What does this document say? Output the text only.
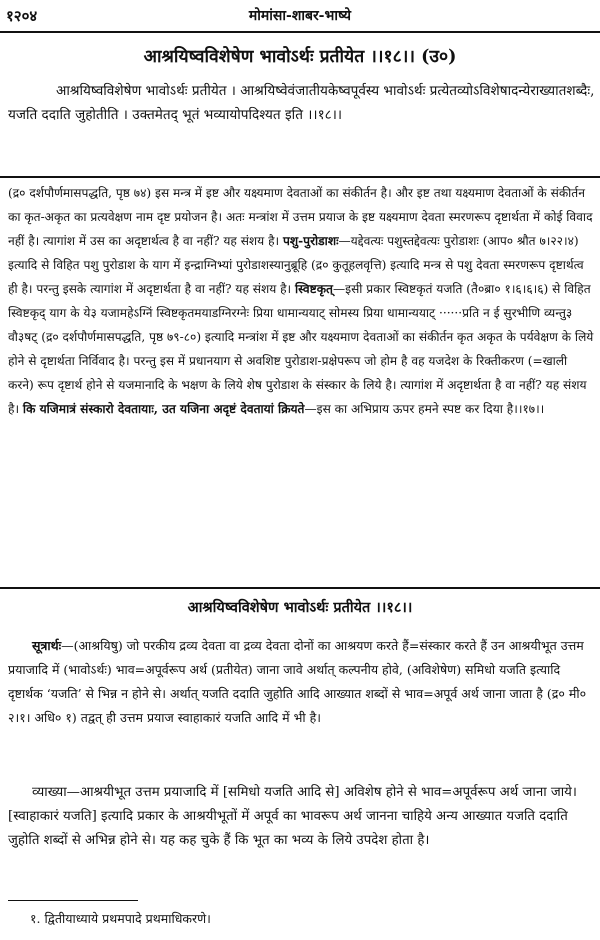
१२०४	मोमांसा-शाबर-भाष्ये
आश्रयिष्वविशेषेण भावोऽर्थः प्रतीयेत ।।१८।। (उ०)

आश्रयिष्वविशेषेण भावोऽर्थः प्रतीयेत । आश्रयिष्वेवंजातीयकेष्वपूर्वस्य भावोऽर्थः प्रत्येतव्योऽविशेषादन्येराख्यातशब्दैः, यजति ददाति जुहोतीति । उक्तमेतद् भूतं भव्यायोपदिश्यत इति ।।१८।।

(द्र० दर्शपौर्णमासपद्धति, पृष्ठ ७४) इस मन्त्र में इष्ट और यक्ष्यमाण देवताओं का संकीर्तन है। और इष्ट तथा यक्ष्यमाण देवताओं के संकीर्तन का कृत-अकृत का प्रत्यवेक्षण नाम दृष्ट प्रयोजन है। अतः मन्त्रांश में उत्तम प्रयाज के इष्ट यक्ष्यमाण देवता स्मरणरूप दृष्टार्थता में कोई विवाद नहीं है। त्यागांश में उस का अदृष्टार्थत्व है वा नहीं? यह संशय है। पशु-पुरोडाशः—यद्देवत्यः पशुस्तद्देवत्यः पुरोडाशः (आप० श्रौत ७।२२।४) इत्यादि से विहित पशु पुरोडाश के याग में इन्द्राग्निभ्यां पुरोडाशस्यानुब्रूहि (द्र० कुतूहलवृत्ति) इत्यादि मन्त्र से पशु देवता स्मरणरूप दृष्टार्थत्व ही है। परन्तु इसके त्यागांश में अदृष्टार्थता है वा नहीं? यह संशय है। स्विष्टकृत्—इसी प्रकार स्विष्टकृतं यजति (तै०ब्रा० १।६।६।६) से विहित स्विष्टकृद् याग के ये३ यजामहेऽग्निं स्विष्टकृतमयाडग्निरग्नेः प्रिया धामान्ययाट् सोमस्य प्रिया धामान्ययाट् ······प्रति न ई सुरभीणि व्यन्तु३ वौ३षट् (द्र० दर्शपौर्णमासपद्धति, पृष्ठ ७९-८०) इत्यादि मन्त्रांश में इष्ट और यक्ष्यमाण देवताओं का संकीर्तन कृत अकृत के पर्यवेक्षण के लिये होने से दृष्टार्थता निर्विवाद है। परन्तु इस में प्रधानयाग से अवशिष्ट पुरोडाश-प्रक्षेपरूप जो होम है वह यजदेश के रिक्तीकरण (=खाली करने) रूप दृष्टार्थ होने से यजमानादि के भक्षण के लिये शेष पुरोडाश के संस्कार के लिये है। त्यागांश में अदृष्टार्थता है वा नहीं? यह संशय है। कि यजिमात्रं संस्कारो देवतायाः, उत यजिना अदृष्टं देवतायां क्रियते—इस का अभिप्राय ऊपर हमने स्पष्ट कर दिया है।।१७।।

आश्रयिष्वविशेषेण भावोऽर्थः प्रतीयेत ।।१८।।

सूत्रार्थः—(आश्रयिषु) जो परकीय द्रव्य देवता वा द्रव्य देवता दोनों का आश्रयण करते हैं=संस्कार करते हैं उन आश्रयीभूत उत्तम प्रयाजादि में (भावोऽर्थः) भाव=अपूर्वरूप अर्थ (प्रतीयेत) जाना जावे अर्थात् कल्पनीय होवे, (अविशेषेण) समिधो यजति इत्यादि दृष्टार्थक ‘यजति’ से भिन्न न होने से। अर्थात् यजति ददाति जुहोति आदि आख्यात शब्दों से भाव=अपूर्व अर्थ जाना जाता है (द्र० मी० २।१। अधि० १) तद्वत् ही उत्तम प्रयाज स्वाहाकारं यजति आदि में भी है।

व्याख्या—आश्रयीभूत उत्तम प्रयाजादि में [समिधो यजति आदि से] अविशेष होने से भाव=अपूर्वरूप अर्थ जाना जाये। [स्वाहाकारं यजति] इत्यादि प्रकार के आश्रयीभूतों में अपूर्व का भावरूप अर्थ जानना चाहिये अन्य आख्यात यजति ददाति जुहोति शब्दों से अभिन्न होने से। यह कह चुके हैं कि भूत का भव्य के लिये उपदेश होता है।

१. द्वितीयाध्याये प्रथमपादे प्रथमाधिकरणे।
